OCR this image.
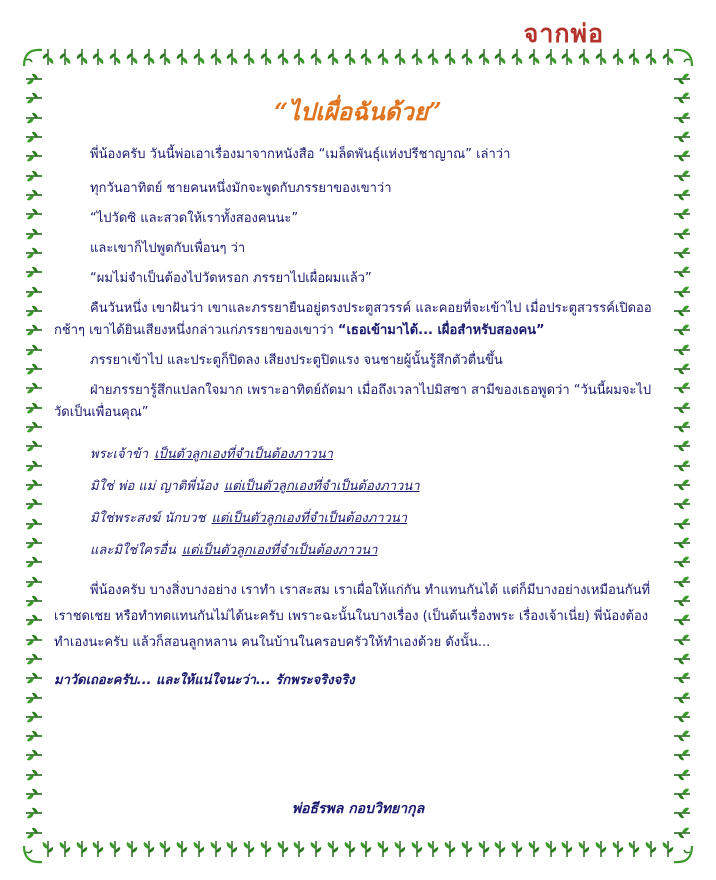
จากพ่อ
“ไปเผื่อฉันด้วย”

พี่น้องครับ วันนี้พ่อเอาเรื่องมาจากหนังสือ “เมล็ดพันธุ์แห่งปรีชาญาณ” เล่าว่า

ทุกวันอาทิตย์ ชายคนหนึ่งมักจะพูดกับภรรยาของเขาว่า

“ไปวัดซิ และสวดให้เราทั้งสองคนนะ”

และเขาก็ไปพูดกับเพื่อนๆ ว่า

“ผมไม่จำเป็นต้องไปวัดหรอก ภรรยาไปเผื่อผมแล้ว”

คืนวันหนึ่ง เขาฝันว่า เขาและภรรยายืนอยู่ตรงประตูสวรรค์ และคอยที่จะเข้าไป เมื่อประตูสวรรค์เปิดออกช้าๆ เขาได้ยินเสียงหนึ่งกล่าวแก่ภรรยาของเขาว่า “เธอเข้ามาได้... เผื่อสำหรับสองคน”

ภรรยาเข้าไป และประตูก็ปิดลง เสียงประตูปิดแรง จนชายผู้นั้นรู้สึกตัวตื่นขึ้น

ฝ่ายภรรยารู้สึกแปลกใจมาก เพราะอาทิตย์ถัดมา เมื่อถึงเวลาไปมิสซา สามีของเธอพูดว่า “วันนี้ผมจะไปวัดเป็นเพื่อนคุณ”

พระเจ้าข้า เป็นตัวลูกเองที่จำเป็นต้องภาวนา

มิใช่ พ่อ แม่ ญาติพี่น้อง แต่เป็นตัวลูกเองที่จำเป็นต้องภาวนา

มิใช่พระสงฆ์ นักบวช แต่เป็นตัวลูกเองที่จำเป็นต้องภาวนา

และมิใช่ใครอื่น แต่เป็นตัวลูกเองที่จำเป็นต้องภาวนา

พี่น้องครับ บางสิ่งบางอย่าง เราทำ เราสะสม เราเผื่อให้แก่กัน ทำแทนกันได้ แต่ก็มีบางอย่างเหมือนกันที่เราชดเชย หรือทำทดแทนกันไม่ได้นะครับ เพราะฉะนั้นในบางเรื่อง (เป็นต้นเรื่องพระ เรื่องเจ้าเนี่ย) พี่น้องต้องทำเองนะครับ แล้วก็สอนลูกหลาน คนในบ้านในครอบครัวให้ทำเองด้วย ดังนั้น...

มาวัดเถอะครับ... และให้แน่ใจนะว่า... รักพระจริงจริง

พ่อธีรพล กอบวิทยากุล
